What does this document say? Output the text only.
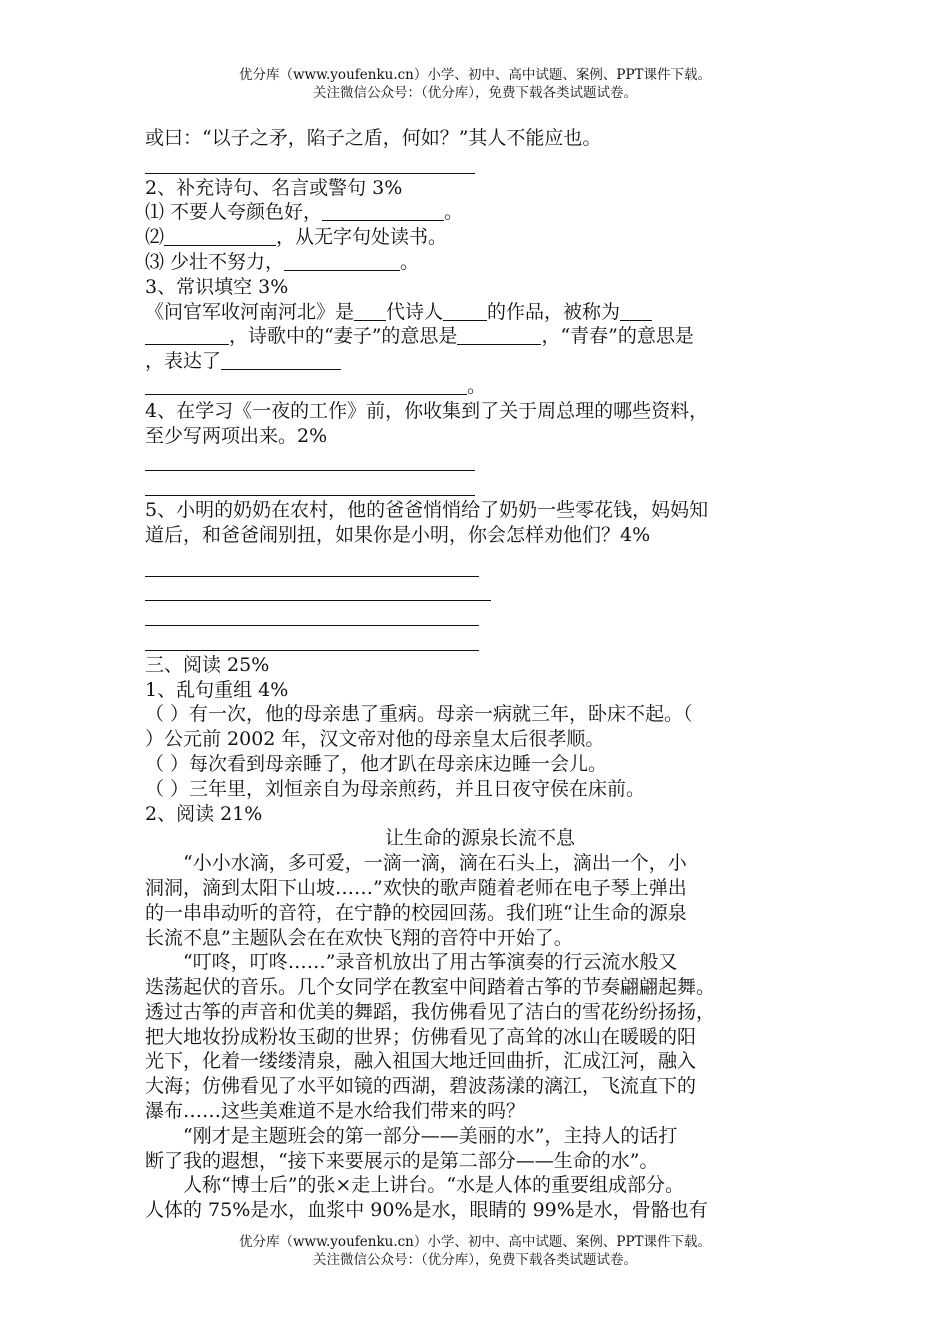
优分库（www.youfenku.cn）小学、初中、高中试题、案例、PPT课件下载。
关注微信公众号：（优分库），免费下载各类试题试卷。
或曰：“以子之矛，陷子之盾，何如？”其人不能应也。
2、补充诗句、名言或警句 3%
⑴ 不要人夸颜色好，	。
⑵	，从无字句处读书。
⑶ 少壮不努力，	。
3、常识填空 3%
《问官军收河南河北》是 代诗人 的作品，被称为
，诗歌中的“妻子”的意思是	，“青春”的意思是
，表达了
。
4、在学习《一夜的工作》前，你收集到了关于周总理的哪些资料，
至少写两项出来。2%
5、小明的奶奶在农村，他的爸爸悄悄给了奶奶一些零花钱，妈妈知
道后，和爸爸闹别扭，如果你是小明，你会怎样劝他们？4%
三、阅读 25%
1、乱句重组 4%
（ ）有一次，他的母亲患了重病。母亲一病就三年，卧床不起。（
）公元前 2002 年，汉文帝对他的母亲皇太后很孝顺。
（ ）每次看到母亲睡了，他才趴在母亲床边睡一会儿。
（ ）三年里，刘恒亲自为母亲煎药，并且日夜守侯在床前。
2、阅读 21%
让生命的源泉长流不息
“小小水滴，多可爱，一滴一滴，滴在石头上，滴出一个，小
洞洞，滴到太阳下山坡……”欢快的歌声随着老师在电子琴上弹出
的一串串动听的音符，在宁静的校园回荡。我们班“让生命的源泉
长流不息”主题队会在在欢快飞翔的音符中开始了。
“叮咚，叮咚……”录音机放出了用古筝演奏的行云流水般又
迭荡起伏的音乐。几个女同学在教室中间踏着古筝的节奏翩翩起舞。
透过古筝的声音和优美的舞蹈，我仿佛看见了洁白的雪花纷纷扬扬，
把大地妆扮成粉妆玉砌的世界；仿佛看见了高耸的冰山在暖暖的阳
光下，化着一缕缕清泉，融入祖国大地迁回曲折，汇成江河，融入
大海；仿佛看见了水平如镜的西湖，碧波荡漾的漓江，飞流直下的
瀑布……这些美难道不是水给我们带来的吗？
“刚才是主题班会的第一部分——美丽的水”，主持人的话打
断了我的遐想，“接下来要展示的是第二部分——生命的水”。
人称“博士后”的张×走上讲台。“水是人体的重要组成部分。
人体的 75%是水，血浆中 90%是水，眼睛的 99%是水，骨骼也有
优分库（www.youfenku.cn）小学、初中、高中试题、案例、PPT课件下载。
关注微信公众号：（优分库），免费下载各类试题试卷。
